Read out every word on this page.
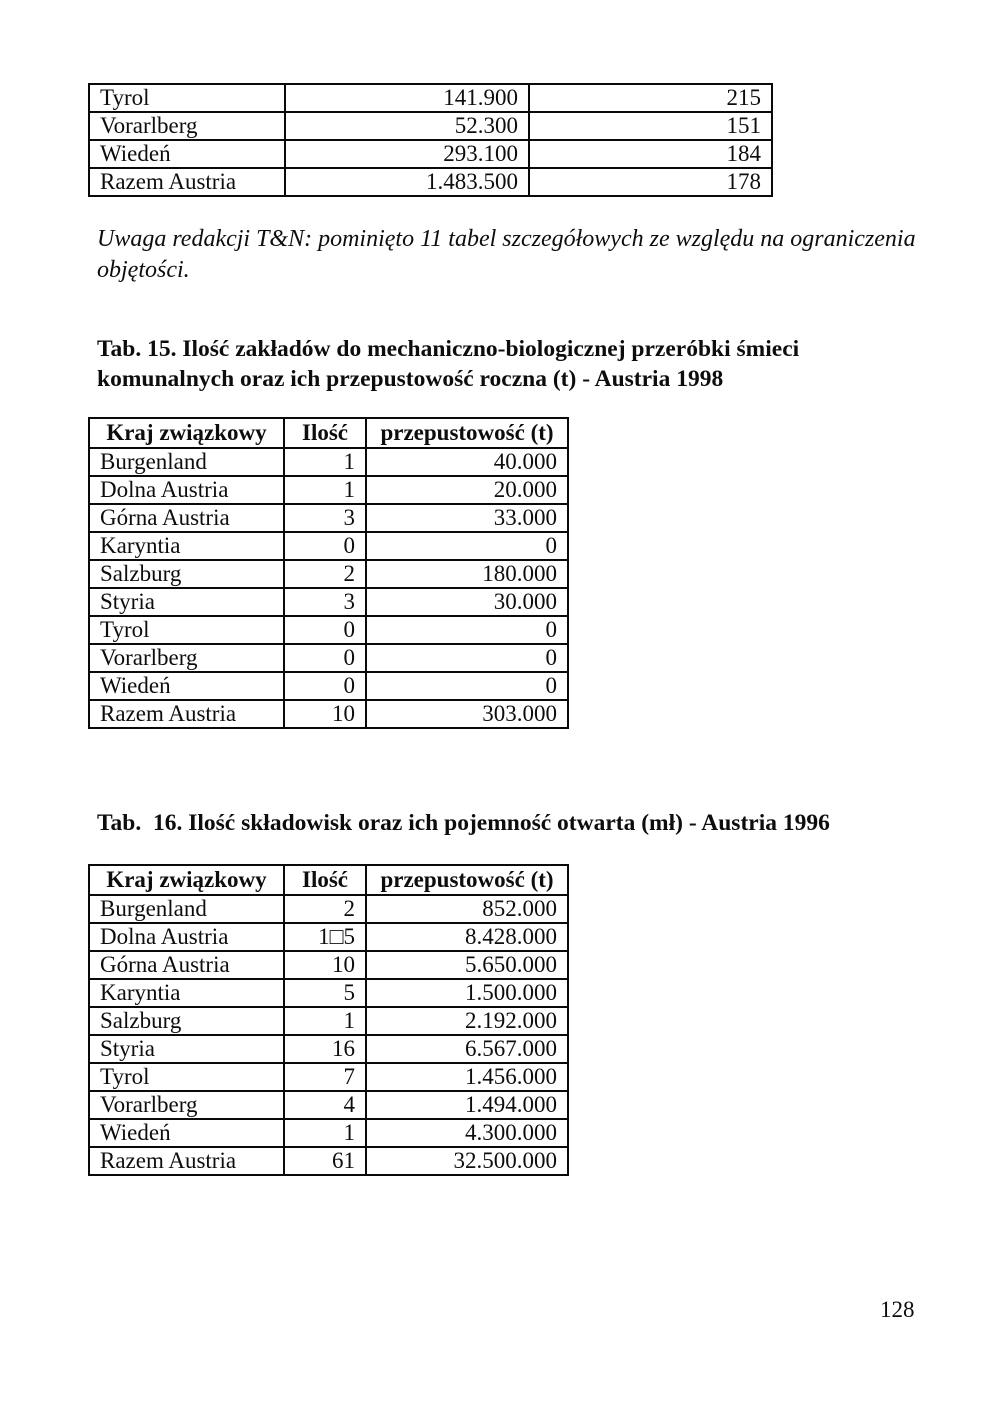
Tyrol	141.900	215
Vorarlberg	52.300	151
Wiedeń	293.100	184
Razem Austria	1.483.500	178

Uwaga redakcji T&N: pominięto 11 tabel szczegółowych ze względu na ograniczenia objętości.

Tab. 15. Ilość zakładów do mechaniczno-biologicznej przeróbki śmieci komunalnych oraz ich przepustowość roczna (t) - Austria 1998
Kraj związkowy	Ilość	przepustowość (t)
Burgenland	1	40.000
Dolna Austria	1	20.000
Górna Austria	3	33.000
Karyntia	0	0
Salzburg	2	180.000
Styria	3	30.000
Tyrol	0	0
Vorarlberg	0	0
Wiedeń	0	0
Razem Austria	10	303.000
Tab.  16. Ilość składowisk oraz ich pojemność otwarta (mł) - Austria 1996
Kraj związkowy	Ilość	przepustowość (t)
Burgenland	2	852.000
Dolna Austria	1□5	8.428.000
Górna Austria	10	5.650.000
Karyntia	5	1.500.000
Salzburg	1	2.192.000
Styria	16	6.567.000
Tyrol	7	1.456.000
Vorarlberg	4	1.494.000
Wiedeń	1	4.300.000
Razem Austria	61	32.500.000
128
